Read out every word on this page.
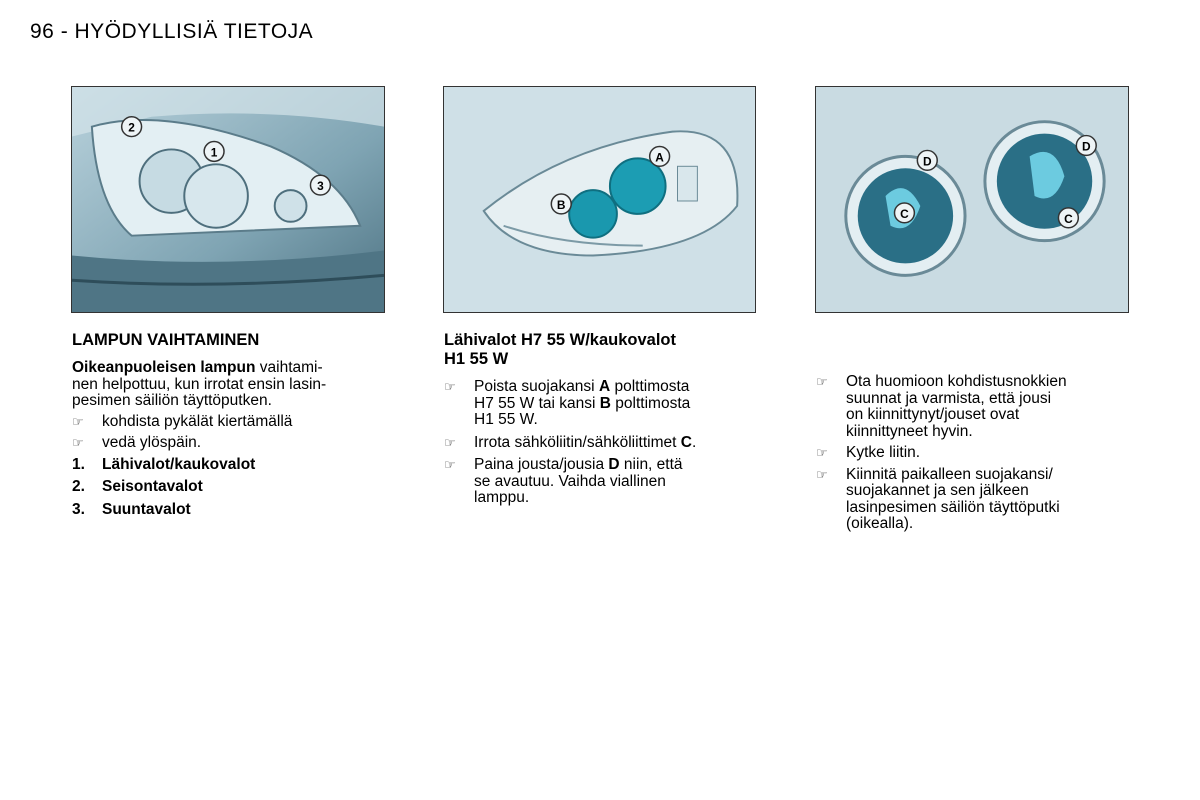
96 - HYÖDYLLISIÄ TIETOJA
2
1
3
A
B
D
C
D
C
LAMPUN VAIHTAMINEN
Oikeanpuoleisen lampun vaihtami-
nen helpottuu, kun irrotat ensin lasin-
pesimen säiliön täyttöputken.
☞ kohdista pykälät kiertämällä
☞ vedä ylöspäin.
1. Lähivalot/kaukovalot
2. Seisontavalot
3. Suuntavalot
Lähivalot H7 55 W/kaukovalot
H1 55 W
☞ Poista suojakansi A polttimosta
H7 55 W tai kansi B polttimosta
H1 55 W.
☞ Irrota sähköliitin/sähköliittimet C.
☞ Paina jousta/jousia D niin, että
se avautuu. Vaihda viallinen
lamppu.
☞ Ota huomioon kohdistusnokkien
suunnat ja varmista, että jousi
on kiinnittynyt/jouset ovat
kiinnittyneet hyvin.
☞ Kytke liitin.
☞ Kiinnitä paikalleen suojakansi/
suojakannet ja sen jälkeen
lasinpesimen säiliön täyttöputki
(oikealla).
